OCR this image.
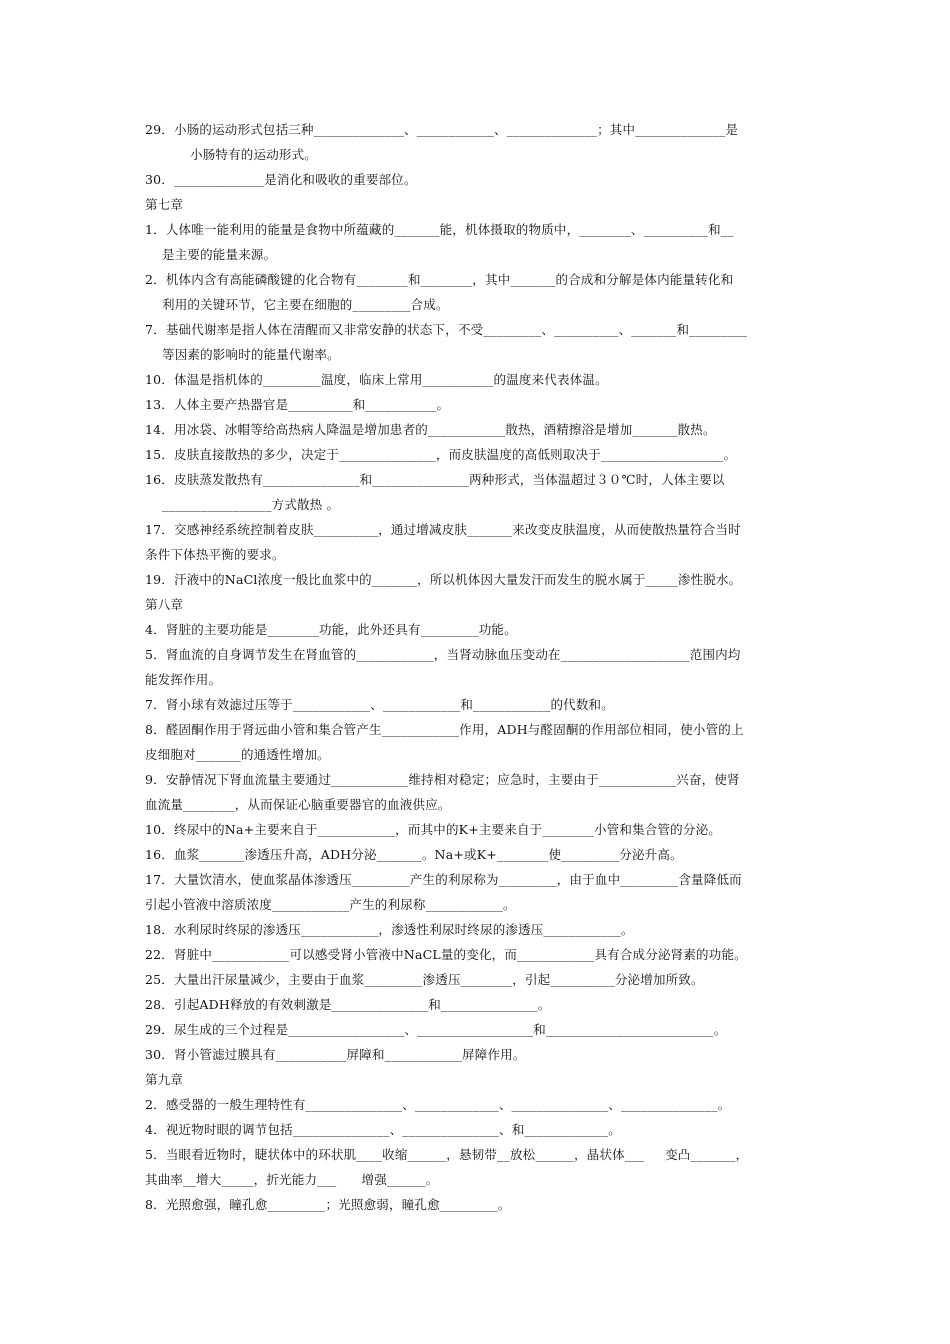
29．小肠的运动形式包括三种______________、____________、______________；其中______________是
小肠特有的运动形式。
30．______________是消化和吸收的重要部位。
第七章
1．人体唯一能利用的能量是食物中所蕴藏的_______能，机体摄取的物质中，________、__________和__
是主要的能量来源。
2．机体内含有高能磷酸键的化合物有________和________，其中_______的合成和分解是体内能量转化和
利用的关键环节，它主要在细胞的_________合成。
7．基础代谢率是指人体在清醒而又非常安静的状态下，不受_________、__________、_______和_________
等因素的影响时的能量代谢率。
10．体温是指机体的_________温度，临床上常用___________的温度来代表体温。
13．人体主要产热器官是__________和___________。
14．用冰袋、冰帽等给高热病人降温是增加患者的____________散热，酒精擦浴是增加_______散热。
15．皮肤直接散热的多少，决定于_______________，而皮肤温度的高低则取决于___________________。
16．皮肤蒸发散热有_______________和_______________两种形式，当体温超过３０℃时，人体主要以
_________________方式散热 。
17．交感神经系统控制着皮肤__________，通过增减皮肤_______来改变皮肤温度，从而使散热量符合当时
条件下体热平衡的要求。
19．汗液中的NaCl浓度一般比血浆中的_______，所以机体因大量发汗而发生的脱水属于_____渗性脱水。
第八章
4．肾脏的主要功能是________功能，此外还具有_________功能。
5．肾血流的自身调节发生在肾血管的____________，当肾动脉血压变动在____________________范围内均
能发挥作用。
7．肾小球有效滤过压等于____________、____________和____________的代数和。
8．醛固酮作用于肾远曲小管和集合管产生____________作用，ADH与醛固酮的作用部位相同，使小管的上
皮细胞对_______的通透性增加。
9．安静情况下肾血流量主要通过____________维持相对稳定；应急时，主要由于____________兴奋，使肾
血流量________，从而保证心脑重要器官的血液供应。
10．终尿中的Na+主要来自于____________，而其中的K+主要来自于________小管和集合管的分泌。
16．血浆_______渗透压升高，ADH分泌_______。Na+或K+________使_________分泌升高。
17．大量饮清水，使血浆晶体渗透压_________产生的利尿称为_________，由于血中_________含量降低而
引起小管液中溶质浓度____________产生的利尿称____________。
18．水利尿时终尿的渗透压____________，渗透性利尿时终尿的渗透压____________。
22．肾脏中____________可以感受肾小管液中NaCL量的变化，而____________具有合成分泌肾素的功能。
25．大量出汗尿量减少，主要由于血浆_________渗透压________，引起__________分泌增加所致。
28．引起ADH释放的有效刺激是_______________和_______________。
29．尿生成的三个过程是__________________、__________________和__________________________。
30．肾小管滤过膜具有___________屏障和____________屏障作用。
第九章
2．感受器的一般生理特性有_______________、_____________、_______________、_______________。
4．视近物时眼的调节包括_______________、_______________、和_____________。
5．当眼看近物时，睫状体中的环状肌____收缩______，悬韧带__放松______，晶状体___     变凸_______，
其曲率__增大_____，折光能力___      增强______。
8．光照愈强，瞳孔愈_________；光照愈弱，瞳孔愈_________。
